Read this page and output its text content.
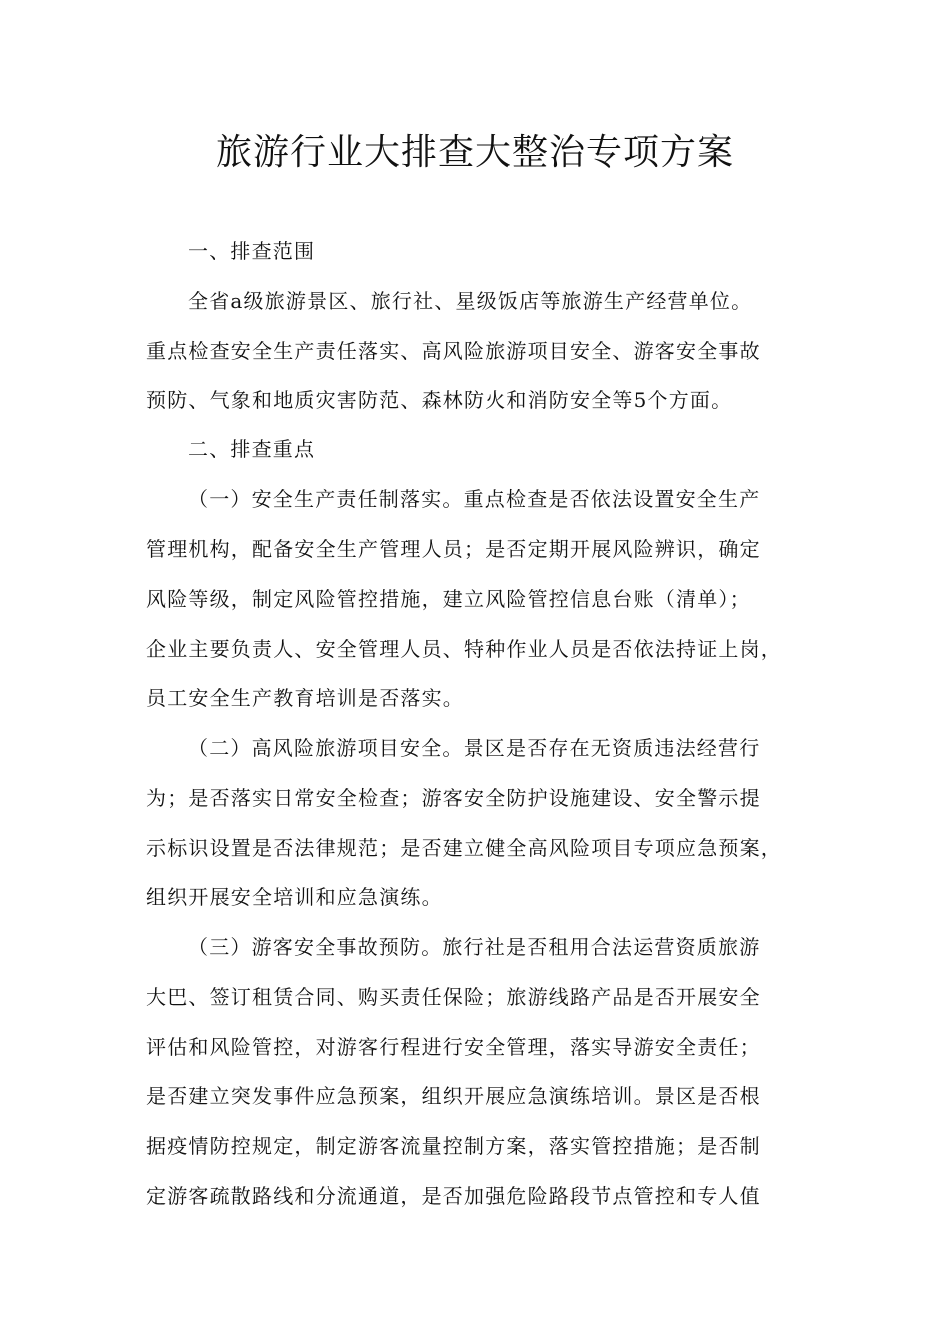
旅游行业大排查大整治专项方案
一、排查范围
全省a级旅游景区、旅行社、星级饭店等旅游生产经营单位。
重点检查安全生产责任落实、高风险旅游项目安全、游客安全事故
预防、气象和地质灾害防范、森林防火和消防安全等5个方面。
二、排查重点
（一）安全生产责任制落实。重点检查是否依法设置安全生产
管理机构，配备安全生产管理人员；是否定期开展风险辨识，确定
风险等级，制定风险管控措施，建立风险管控信息台账（清单）；
企业主要负责人、安全管理人员、特种作业人员是否依法持证上岗，
员工安全生产教育培训是否落实。
（二）高风险旅游项目安全。景区是否存在无资质违法经营行
为；是否落实日常安全检查；游客安全防护设施建设、安全警示提
示标识设置是否法律规范；是否建立健全高风险项目专项应急预案，
组织开展安全培训和应急演练。
（三）游客安全事故预防。旅行社是否租用合法运营资质旅游
大巴、签订租赁合同、购买责任保险；旅游线路产品是否开展安全
评估和风险管控，对游客行程进行安全管理，落实导游安全责任；
是否建立突发事件应急预案，组织开展应急演练培训。景区是否根
据疫情防控规定，制定游客流量控制方案，落实管控措施；是否制
定游客疏散路线和分流通道，是否加强危险路段节点管控和专人值
